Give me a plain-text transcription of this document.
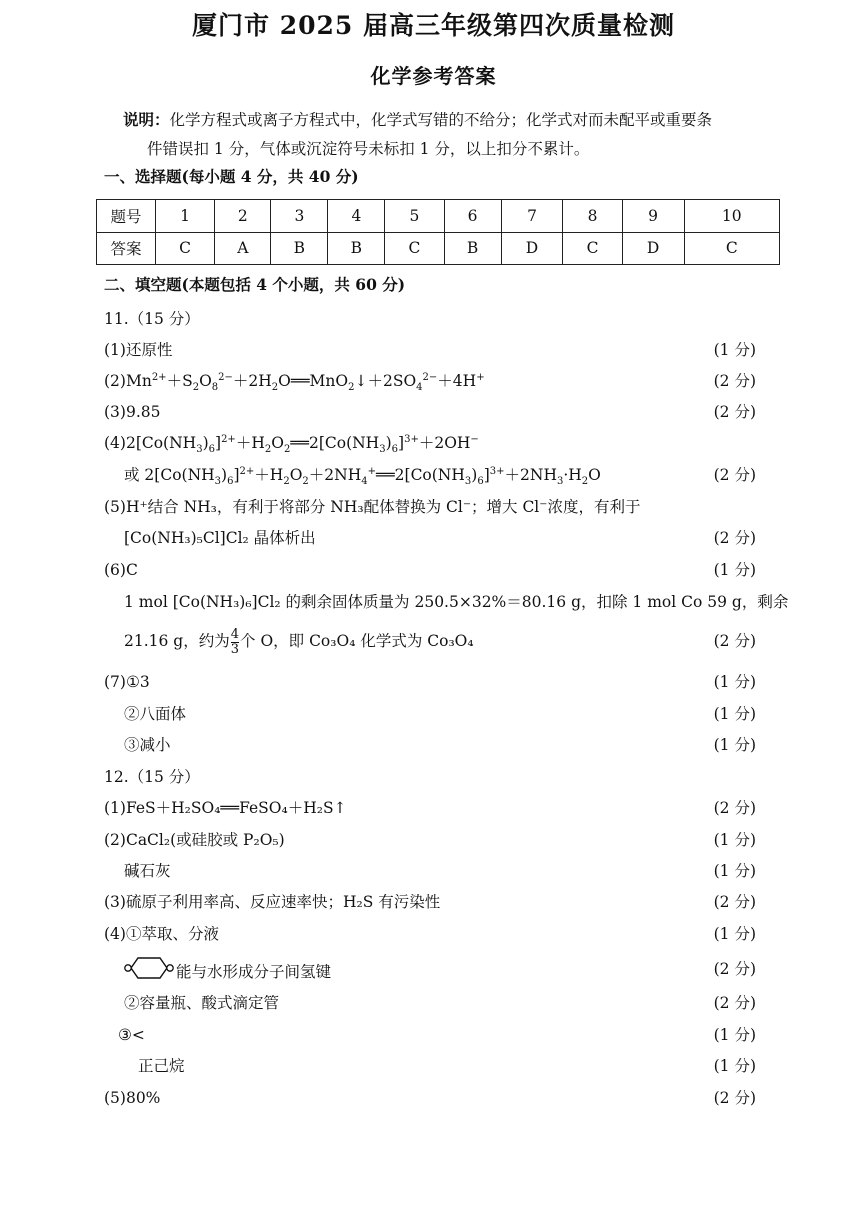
厦门市 2025 届高三年级第四次质量检测
化学参考答案
说明：化学方程式或离子方程式中，化学式写错的不给分；化学式对而未配平或重要条
件错误扣 1 分，气体或沉淀符号未标扣 1 分，以上扣分不累计。
一、选择题(每小题 4 分，共 40 分)
题号	1	2	3	4	5	6	7	8	9	10
答案	C	A	B	B	C	B	D	C	D	C
二、填空题(本题包括 4 个小题，共 60 分)
11.（15 分）
(1)还原性	(1 分)
$(2)Mn^{2+}+S_2O_8^{2-}+2H_2O══MnO_2↓+2SO_4^{2-}+4H^+$	(2 分)
(3)9.85	(2 分)
$(4)2[Co(NH_3)_6]^{2+}+H_2O_2══2[Co(NH_3)_6]^{3+}+2OH^-$
或 $2[Co(NH_3)_6]^{2+}+H_2O_2+2NH_4^+══2[Co(NH_3)_6]^{3+}+2NH_3\cdot H_2O$	(2 分)
(5)H⁺结合 NH₃，有利于将部分 NH₃配体替换为 Cl⁻；增大 Cl⁻浓度，有利于
[Co(NH₃)₅Cl]Cl₂ 晶体析出	(2 分)
(6)C	(1 分)
1 mol [Co(NH₃)₆]Cl₂ 的剩余固体质量为 250.5×32%＝80.16 g，扣除 1 mol Co 59 g，剩余
21.16 g，约为 $\frac{4}{3}$ 个 O，即 Co₃O₄ 化学式为 Co₃O₄	(2 分)
(7)①3	(1 分)
②八面体	(1 分)
③减小	(1 分)
12.（15 分）
(1)FeS＋H₂SO₄══FeSO₄＋H₂S↑	(2 分)
(2)CaCl₂(或硅胶或 P₂O₅)	(1 分)
碱石灰	(1 分)
(3)硫原子利用率高、反应速率快；H₂S 有污染性	(2 分)
(4)①萃取、分液	(1 分)
能与水形成分子间氢键	(2 分)
②容量瓶、酸式滴定管	(2 分)
③<	(1 分)
正己烷	(1 分)
(5)80%	(2 分)
